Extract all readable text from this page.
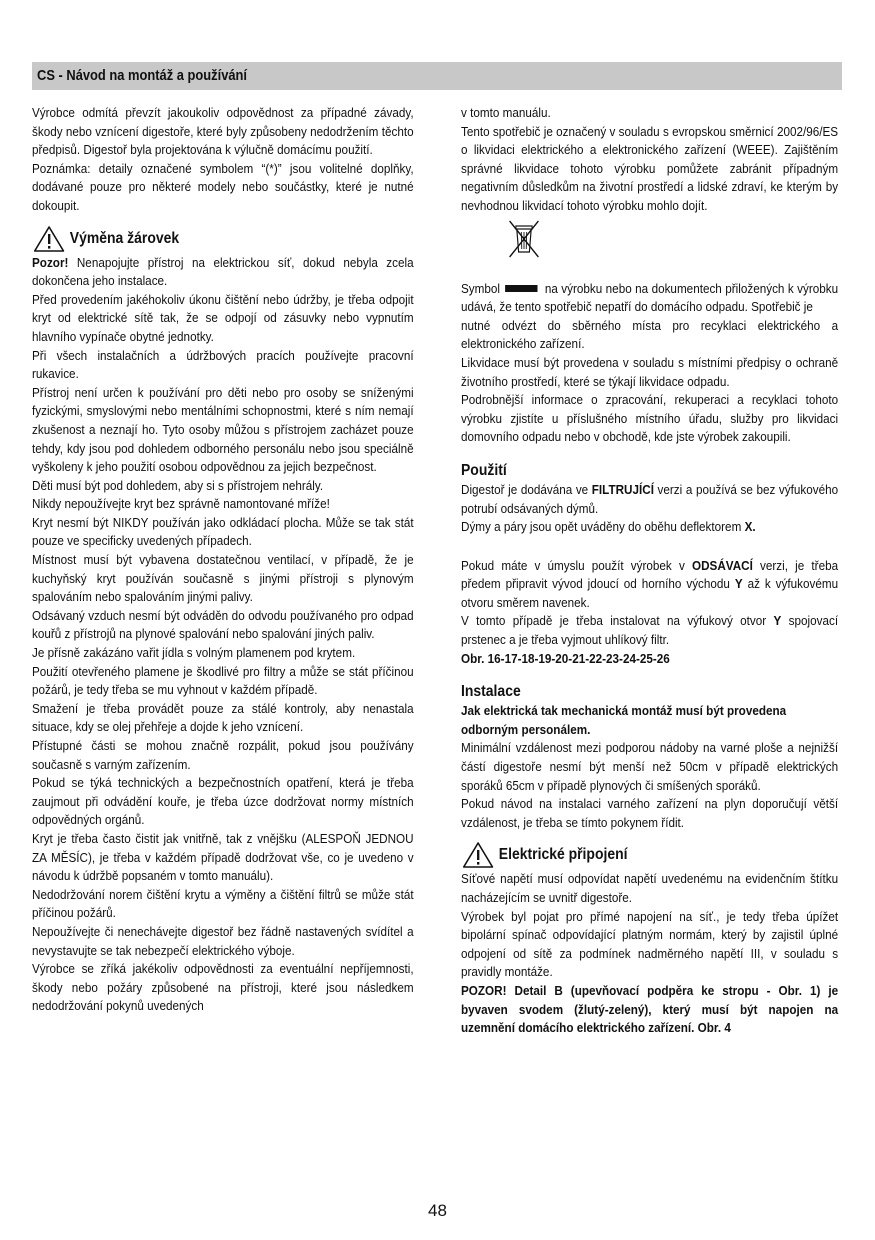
CS - Návod na montáž a používání

Výrobce odmítá převzít jakoukoliv odpovědnost za případné závady, škody nebo vznícení digestoře, které byly způsobeny nedodržením těchto předpisů. Digestoř byla projektována k výlučně domácímu použití.

Poznámka: detaily označené symbolem “(*)” jsou volitelné doplňky, dodávané pouze pro některé modely nebo součástky, které je nutné dokoupit.

Výměna žárovek

Pozor! Nenapojujte přístroj na elektrickou síť, dokud nebyla zcela dokončena jeho instalace.

Před provedením jakéhokoliv úkonu čištění nebo údržby, je třeba odpojit kryt od elektrické sítě tak, že se odpojí od zásuvky nebo vypnutím hlavního vypínače obytné jednotky.

Při všech instalačních a údržbových pracích používejte pracovní rukavice.

Přístroj není určen k používání pro děti nebo pro osoby se sníženými fyzickými, smyslovými nebo mentálními schopnostmi, které s ním nemají zkušenost a neznají ho. Tyto osoby můžou s přístrojem zacházet pouze tehdy, kdy jsou pod dohledem odborného personálu nebo jsou speciálně vyškoleny k jeho použití osobou odpovědnou za jejich bezpečnost.

Děti musí být pod dohledem, aby si s přístrojem nehrály.

Nikdy nepoužívejte kryt bez správně namontované mříže!

Kryt nesmí být NIKDY používán jako odkládací plocha. Může se tak stát pouze ve specificky uvedených případech.

Místnost musí být vybavena dostatečnou ventilací, v případě, že je kuchyňský kryt používán současně s jinými přístroji s plynovým spalováním nebo spalováním jinými palivy.

Odsávaný vzduch nesmí být odváděn do odvodu používaného pro odpad kouřů z přístrojů na plynové spalování nebo spalování jiných paliv.

Je přísně zakázáno vařit jídla s volným plamenem pod krytem.

Použití otevřeného plamene je škodlivé pro filtry a může se stát příčinou požárů, je tedy třeba se mu vyhnout v každém případě.

Smažení je třeba provádět pouze za stálé kontroly, aby nenastala situace, kdy se olej přehřeje a dojde k jeho vznícení.

Přístupné části se mohou značně rozpálit, pokud jsou používány současně s varným zařízením.

Pokud se týká technických a bezpečnostních opatření, která je třeba zaujmout při odvádění kouře, je třeba úzce dodržovat normy místních odpovědných orgánů.

Kryt je třeba často čistit jak vnitřně, tak z vnějšku (ALESPOŇ JEDNOU ZA MĚSÍC), je třeba v každém případě dodržovat vše, co je uvedeno v návodu k údržbě popsaném v tomto manuálu).

Nedodržování norem čištění krytu a výměny a čištění filtrů se může stát příčinou požárů.

Nepoužívejte či nenechávejte digestoř bez řádně nastavených svídítel a nevystavujte se tak nebezpečí elektrického výboje.

Výrobce se zříká jakékoliv odpovědnosti za eventuální nepříjemnosti, škody nebo požáry způsobené na přístroji, které jsou následkem nedodržování pokynů uvedených

v tomto manuálu.

Tento spotřebič je označený v souladu s evropskou směrnicí 2002/96/ES o likvidaci elektrického a elektronického zařízení (WEEE). Zajištěním správné likvidace tohoto výrobku pomůžete zabránit případným negativním důsledkům na životní prostředí a lidské zdraví, ke kterým by nevhodnou likvidací tohoto výrobku mohlo dojít.

Symbol	na výrobku nebo na dokumentech přiložených k výrobku udává, že tento spotřebič nepatří do domácího odpadu. Spotřebič je

nutné odvézt do sběrného místa pro recyklaci elektrického a elektronického zařízení.

Likvidace musí být provedena v souladu s místními předpisy o ochraně životního prostředí, které se týkají likvidace odpadu.

Podrobnější informace o zpracování, rekuperaci a recyklaci tohoto výrobku zjistíte u příslušného místního úřadu, služby pro likvidaci domovního odpadu nebo v obchodě, kde jste výrobek zakoupili.

Použití

Digestoř je dodávána ve FILTRUJÍCÍ verzi a používá se bez výfukového potrubí odsávaných dýmů.

Dýmy a páry jsou opět uváděny do oběhu deflektorem X.

Pokud máte v úmyslu použít výrobek v ODSÁVACÍ verzi, je třeba předem připravit vývod jdoucí od horního východu Y až k výfukovému otvoru směrem navenek.

V tomto případě je třeba instalovat na výfukový otvor Y spojovací prstenec a je třeba vyjmout uhlíkový filtr.

Obr. 16-17-18-19-20-21-22-23-24-25-26

Instalace

Jak elektrická tak mechanická montáž musí být provedena odborným personálem.

Minimální vzdálenost mezi podporou nádoby na varné ploše a nejnižší částí digestoře nesmí být menší než 50cm v případě elektrických sporáků 65cm v případě plynových či smíšených sporáků.

Pokud návod na instalaci varného zařízení na plyn doporučují větší vzdálenost, je třeba se tímto pokynem řídit.

Elektrické připojení

Síťové napětí musí odpovídat napětí uvedenému na evidenčním štítku nacházejícím se uvnitř digestoře.

Výrobek byl pojat pro přímé napojení na síť., je tedy třeba úpížet bipolární spínač odpovídající platným normám, který by zajistil úplné odpojení od sítě za podmínek nadměrného napětí III, v souladu s pravidly montáže.

POZOR! Detail B (upevňovací podpěra ke stropu - Obr. 1) je byvaven svodem (žlutý-zelený), který musí být napojen na uzemnění domácího elektrického zařízení. Obr. 4

48
